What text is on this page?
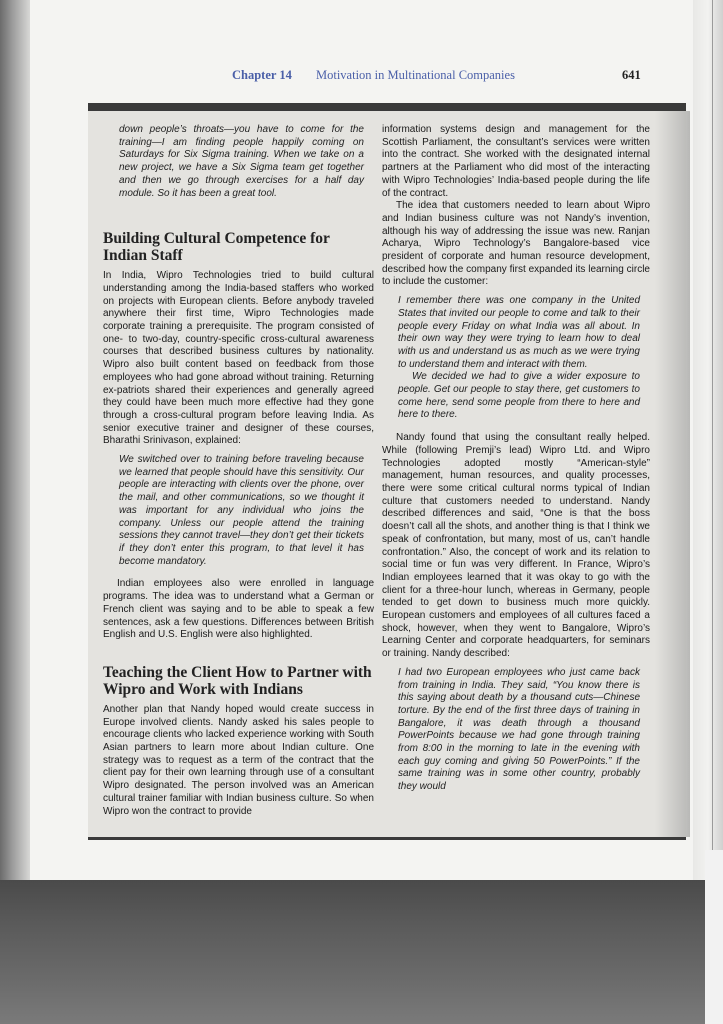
Chapter 14 Motivation in Multinational Companies	641

down people’s throats—you have to come for the training—I am finding people happily coming on Saturdays for Six Sigma training. When we take on a new project, we have a Six Sigma team get together and then we go through exercises for a half day module. So it has been a great tool.

Building Cultural Competence for Indian Staff

In India, Wipro Technologies tried to build cultural understanding among the India-based staffers who worked on projects with European clients. Before anybody traveled anywhere their first time, Wipro Technologies made corporate training a prerequisite. The program consisted of one- to two-day, country-specific cross-cultural awareness courses that described business cultures by nationality. Wipro also built content based on feedback from those employees who had gone abroad without training. Returning ex-patriots shared their experiences and generally agreed they could have been much more effective had they gone through a cross-cultural program before leaving India. As senior executive trainer and designer of these courses, Bharathi Srinivason, explained:

We switched over to training before traveling because we learned that people should have this sensitivity. Our people are interacting with clients over the phone, over the mail, and other communications, so we thought it was important for any individual who joins the company. Unless our people attend the training sessions they cannot travel—they don’t get their tickets if they don’t enter this program, to that level it has become mandatory.

Indian employees also were enrolled in language programs. The idea was to understand what a German or French client was saying and to be able to speak a few sentences, ask a few questions. Differences between British English and U.S. English were also highlighted.

Teaching the Client How to Partner with Wipro and Work with Indians

Another plan that Nandy hoped would create success in Europe involved clients. Nandy asked his sales people to encourage clients who lacked experience working with South Asian partners to learn more about Indian culture. One strategy was to request as a term of the contract that the client pay for their own learning through use of a consultant Wipro designated. The person involved was an American cultural trainer familiar with Indian business culture. So when Wipro won the contract to provide

information systems design and management for the Scottish Parliament, the consultant’s services were written into the contract. She worked with the designated internal partners at the Parliament who did most of the interacting with Wipro Technologies’ India-based people during the life of the contract.

The idea that customers needed to learn about Wipro and Indian business culture was not Nandy’s invention, although his way of addressing the issue was new. Ranjan Acharya, Wipro Technology’s Bangalore-based vice president of corporate and human resource development, described how the company first expanded its learning circle to include the customer:

I remember there was one company in the United States that invited our people to come and talk to their people every Friday on what India was all about. In their own way they were trying to learn how to deal with us and understand us as much as we were trying to understand them and interact with them.

We decided we had to give a wider exposure to people. Get our people to stay there, get customers to come here, send some people from there to here and here to there.

Nandy found that using the consultant really helped. While (following Premji’s lead) Wipro Ltd. and Wipro Technologies adopted mostly “American-style” management, human resources, and quality processes, there were some critical cultural norms typical of Indian culture that customers needed to understand. Nandy described differences and said, “One is that the boss doesn’t call all the shots, and another thing is that I think we speak of confrontation, but many, most of us, can’t handle confrontation.” Also, the concept of work and its relation to social time or fun was very different. In France, Wipro’s Indian employees learned that it was okay to go with the client for a three-hour lunch, whereas in Germany, people tended to get down to business much more quickly. European customers and employees of all cultures faced a shock, however, when they went to Bangalore, Wipro’s Learning Center and corporate headquarters, for seminars or training. Nandy described:

I had two European employees who just came back from training in India. They said, “You know there is this saying about death by a thousand cuts—Chinese torture. By the end of the first three days of training in Bangalore, it was death through a thousand PowerPoints because we had gone through training from 8:00 in the morning to late in the evening with each guy coming and giving 50 PowerPoints.” If the same training was in some other country, probably they would
